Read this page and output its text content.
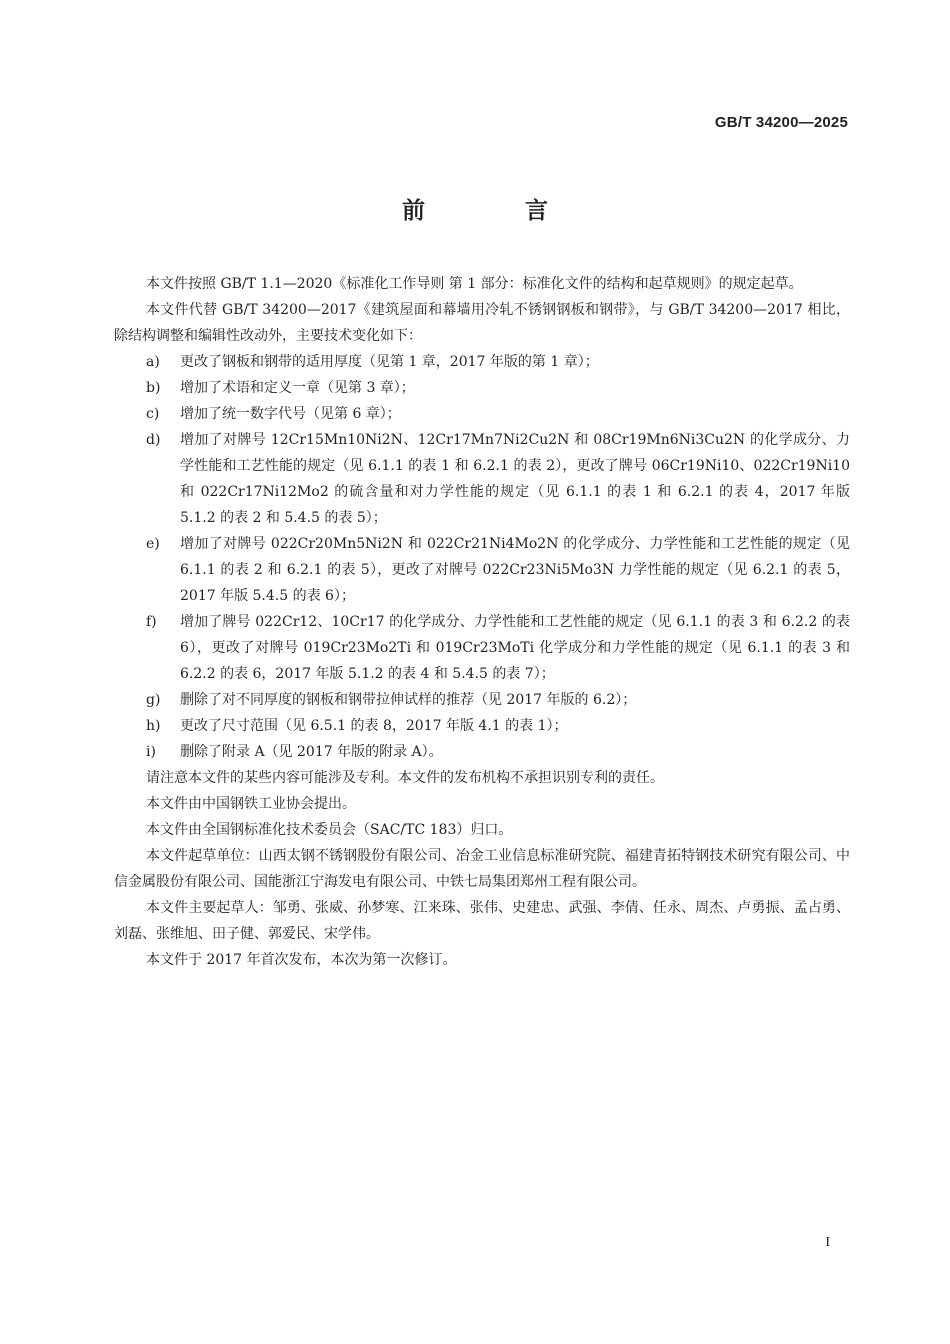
GB/T 34200—2025
前 言

本文件按照 GB/T 1.1—2020《标准化工作导则 第 1 部分：标准化文件的结构和起草规则》的规定起草。

本文件代替 GB/T 34200—2017《建筑屋面和幕墙用冷轧不锈钢钢板和钢带》，与 GB/T 34200—2017 相比，除结构调整和编辑性改动外，主要技术变化如下：

a)	更改了钢板和钢带的适用厚度（见第 1 章，2017 年版的第 1 章）；
b)	增加了术语和定义一章（见第 3 章）；
c)	增加了统一数字代号（见第 6 章）；
d)	增加了对牌号 12Cr15Mn10Ni2N、12Cr17Mn7Ni2Cu2N 和 08Cr19Mn6Ni3Cu2N 的化学成分、力学性能和工艺性能的规定（见 6.1.1 的表 1 和 6.2.1 的表 2），更改了牌号 06Cr19Ni10、022Cr19Ni10 和 022Cr17Ni12Mo2 的硫含量和对力学性能的规定（见 6.1.1 的表 1 和 6.2.1 的表 4，2017 年版 5.1.2 的表 2 和 5.4.5 的表 5）；
e)	增加了对牌号 022Cr20Mn5Ni2N 和 022Cr21Ni4Mo2N 的化学成分、力学性能和工艺性能的规定（见 6.1.1 的表 2 和 6.2.1 的表 5），更改了对牌号 022Cr23Ni5Mo3N 力学性能的规定（见 6.2.1 的表 5，2017 年版 5.4.5 的表 6）；
f)	增加了牌号 022Cr12、10Cr17 的化学成分、力学性能和工艺性能的规定（见 6.1.1 的表 3 和 6.2.2 的表 6），更改了对牌号 019Cr23Mo2Ti 和 019Cr23MoTi 化学成分和力学性能的规定（见 6.1.1 的表 3 和 6.2.2 的表 6，2017 年版 5.1.2 的表 4 和 5.4.5 的表 7）；
g)	删除了对不同厚度的钢板和钢带拉伸试样的推荐（见 2017 年版的 6.2）；
h)	更改了尺寸范围（见 6.5.1 的表 8，2017 年版 4.1 的表 1）；
i)	删除了附录 A（见 2017 年版的附录 A）。

请注意本文件的某些内容可能涉及专利。本文件的发布机构不承担识别专利的责任。

本文件由中国钢铁工业协会提出。

本文件由全国钢标准化技术委员会（SAC/TC 183）归口。

本文件起草单位：山西太钢不锈钢股份有限公司、冶金工业信息标准研究院、福建青拓特钢技术研究有限公司、中信金属股份有限公司、国能浙江宁海发电有限公司、中铁七局集团郑州工程有限公司。

本文件主要起草人：邹勇、张威、孙梦寒、江来珠、张伟、史建忠、武强、李倩、任永、周杰、卢勇振、孟占勇、刘磊、张维旭、田子健、郭爱民、宋学伟。

本文件于 2017 年首次发布，本次为第一次修订。

I
